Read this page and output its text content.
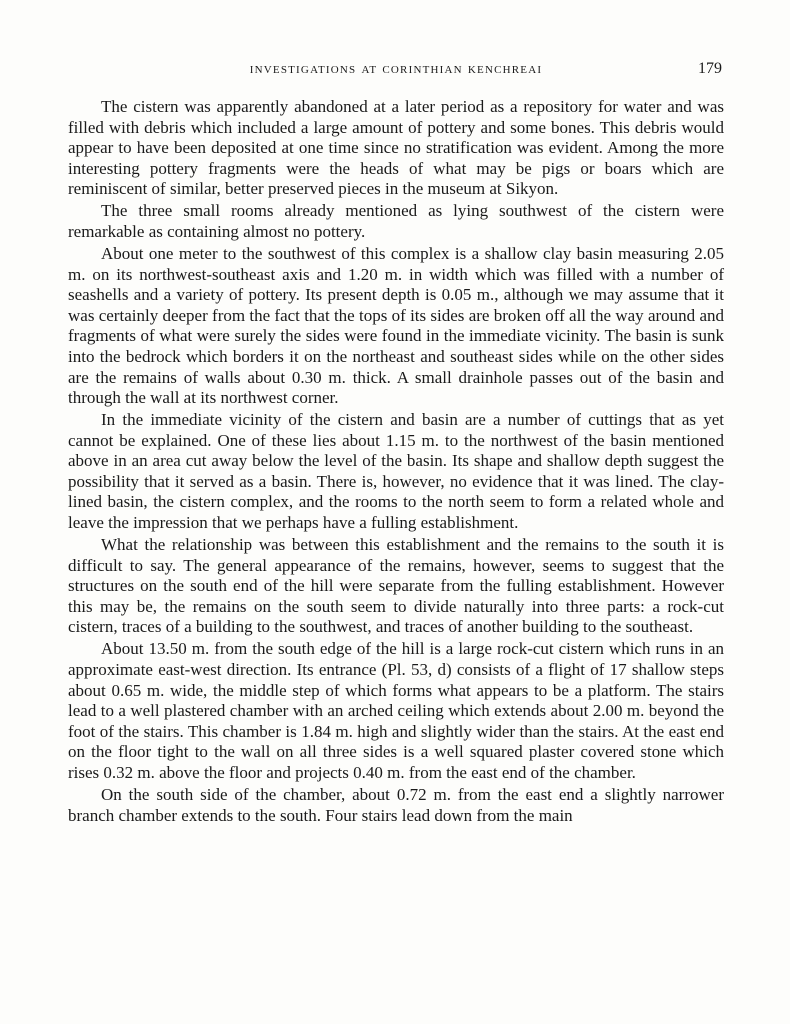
investigations at corinthian kenchreai	179

The cistern was apparently abandoned at a later period as a repository for water and was filled with debris which included a large amount of pottery and some bones. This debris would appear to have been deposited at one time since no stratification was evident. Among the more interesting pottery fragments were the heads of what may be pigs or boars which are reminiscent of similar, better preserved pieces in the museum at Sikyon.

The three small rooms already mentioned as lying southwest of the cistern were remarkable as containing almost no pottery.

About one meter to the southwest of this complex is a shallow clay basin measuring 2.05 m. on its northwest-southeast axis and 1.20 m. in width which was filled with a number of seashells and a variety of pottery. Its present depth is 0.05 m., although we may assume that it was certainly deeper from the fact that the tops of its sides are broken off all the way around and fragments of what were surely the sides were found in the immediate vicinity. The basin is sunk into the bedrock which borders it on the northeast and southeast sides while on the other sides are the remains of walls about 0.30 m. thick. A small drainhole passes out of the basin and through the wall at its northwest corner.

In the immediate vicinity of the cistern and basin are a number of cuttings that as yet cannot be explained. One of these lies about 1.15 m. to the northwest of the basin mentioned above in an area cut away below the level of the basin. Its shape and shallow depth suggest the possibility that it served as a basin. There is, however, no evidence that it was lined. The clay-lined basin, the cistern complex, and the rooms to the north seem to form a related whole and leave the impression that we perhaps have a fulling establishment.

What the relationship was between this establishment and the remains to the south it is difficult to say. The general appearance of the remains, however, seems to suggest that the structures on the south end of the hill were separate from the fulling establishment. However this may be, the remains on the south seem to divide naturally into three parts: a rock-cut cistern, traces of a building to the southwest, and traces of another building to the southeast.

About 13.50 m. from the south edge of the hill is a large rock-cut cistern which runs in an approximate east-west direction. Its entrance (Pl. 53, d) consists of a flight of 17 shallow steps about 0.65 m. wide, the middle step of which forms what appears to be a platform. The stairs lead to a well plastered chamber with an arched ceiling which extends about 2.00 m. beyond the foot of the stairs. This chamber is 1.84 m. high and slightly wider than the stairs. At the east end on the floor tight to the wall on all three sides is a well squared plaster covered stone which rises 0.32 m. above the floor and projects 0.40 m. from the east end of the chamber.

On the south side of the chamber, about 0.72 m. from the east end a slightly narrower branch chamber extends to the south. Four stairs lead down from the main
